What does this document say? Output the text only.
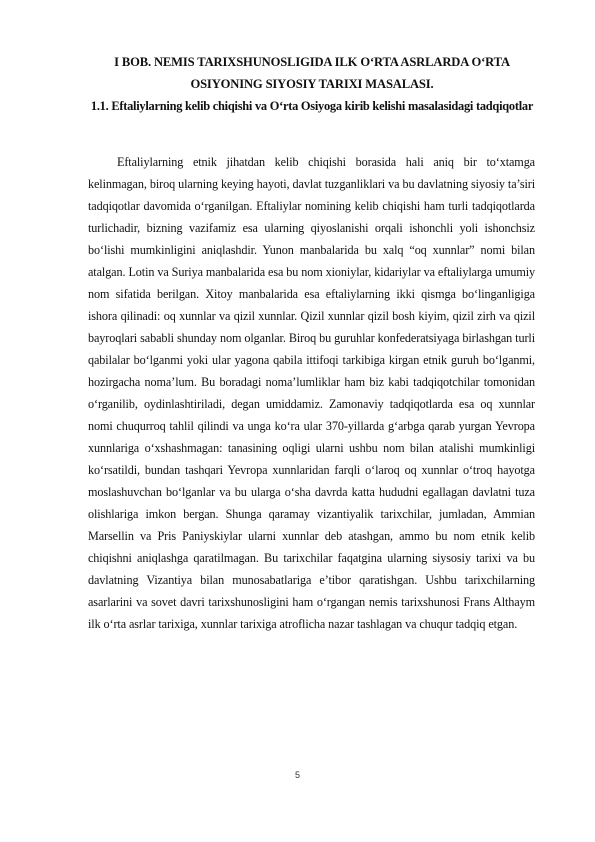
I BOB. NEMIS TARIXSHUNOSLIGIDA ILK O‘RTA ASRLARDA O‘RTA OSIYONING SIYOSIY TARIXI MASALASI.
1.1. Eftaliylarning kelib chiqishi va O‘rta Osiyoga kirib kelishi masalasidagi tadqiqotlar

Eftaliylarning etnik jihatdan kelib chiqishi borasida hali aniq bir to‘xtamga kelinmagan, biroq ularning keying hayoti, davlat tuzganliklari va bu davlatning siyosiy ta’siri tadqiqotlar davomida o‘rganilgan. Eftaliylar nomining kelib chiqishi ham turli tadqiqotlarda turlichadir, bizning vazifamiz esa ularning qiyoslanishi orqali ishonchli yoli ishonchsiz bo‘lishi mumkinligini aniqlashdir. Yunon manbalarida bu xalq “oq xunnlar” nomi bilan atalgan. Lotin va Suriya manbalarida esa bu nom xioniylar, kidariylar va eftaliylarga umumiy nom sifatida berilgan. Xitoy manbalarida esa eftaliylarning ikki qismga bo‘linganligiga ishora qilinadi: oq xunnlar va qizil xunnlar. Qizil xunnlar qizil bosh kiyim, qizil zirh va qizil bayroqlari sababli shunday nom olganlar. Biroq bu guruhlar konfederatsiyaga birlashgan turli qabilalar bo‘lganmi yoki ular yagona qabila ittifoqi tarkibiga kirgan etnik guruh bo‘lganmi, hozirgacha noma’lum. Bu boradagi noma’lumliklar ham biz kabi tadqiqotchilar tomonidan o‘rganilib, oydinlashtiriladi, degan umiddamiz. Zamonaviy tadqiqotlarda esa oq xunnlar nomi chuqurroq tahlil qilindi va unga ko‘ra ular 370-yillarda g‘arbga qarab yurgan Yevropa xunnlariga o‘xshashmagan: tanasining oqligi ularni ushbu nom bilan atalishi mumkinligi ko‘rsatildi, bundan tashqari Yevropa xunnlaridan farqli o‘laroq oq xunnlar o‘troq hayotga moslashuvchan bo‘lganlar va bu ularga o‘sha davrda katta hududni egallagan davlatni tuza olishlariga imkon bergan. Shunga qaramay vizantiyalik tarixchilar, jumladan, Ammian Marsellin va Pris Paniyskiylar ularni xunnlar deb atashgan, ammo bu nom etnik kelib chiqishni aniqlashga qaratilmagan. Bu tarixchilar faqatgina ularning siysosiy tarixi va bu davlatning Vizantiya bilan munosabatlariga e’tibor qaratishgan. Ushbu tarixchilarning asarlarini va sovet davri tarixshunosligini ham o‘rgangan nemis tarixshunosi Frans Althaym ilk o‘rta asrlar tarixiga, xunnlar tarixiga atroflicha nazar tashlagan va chuqur tadqiq etgan.

5
